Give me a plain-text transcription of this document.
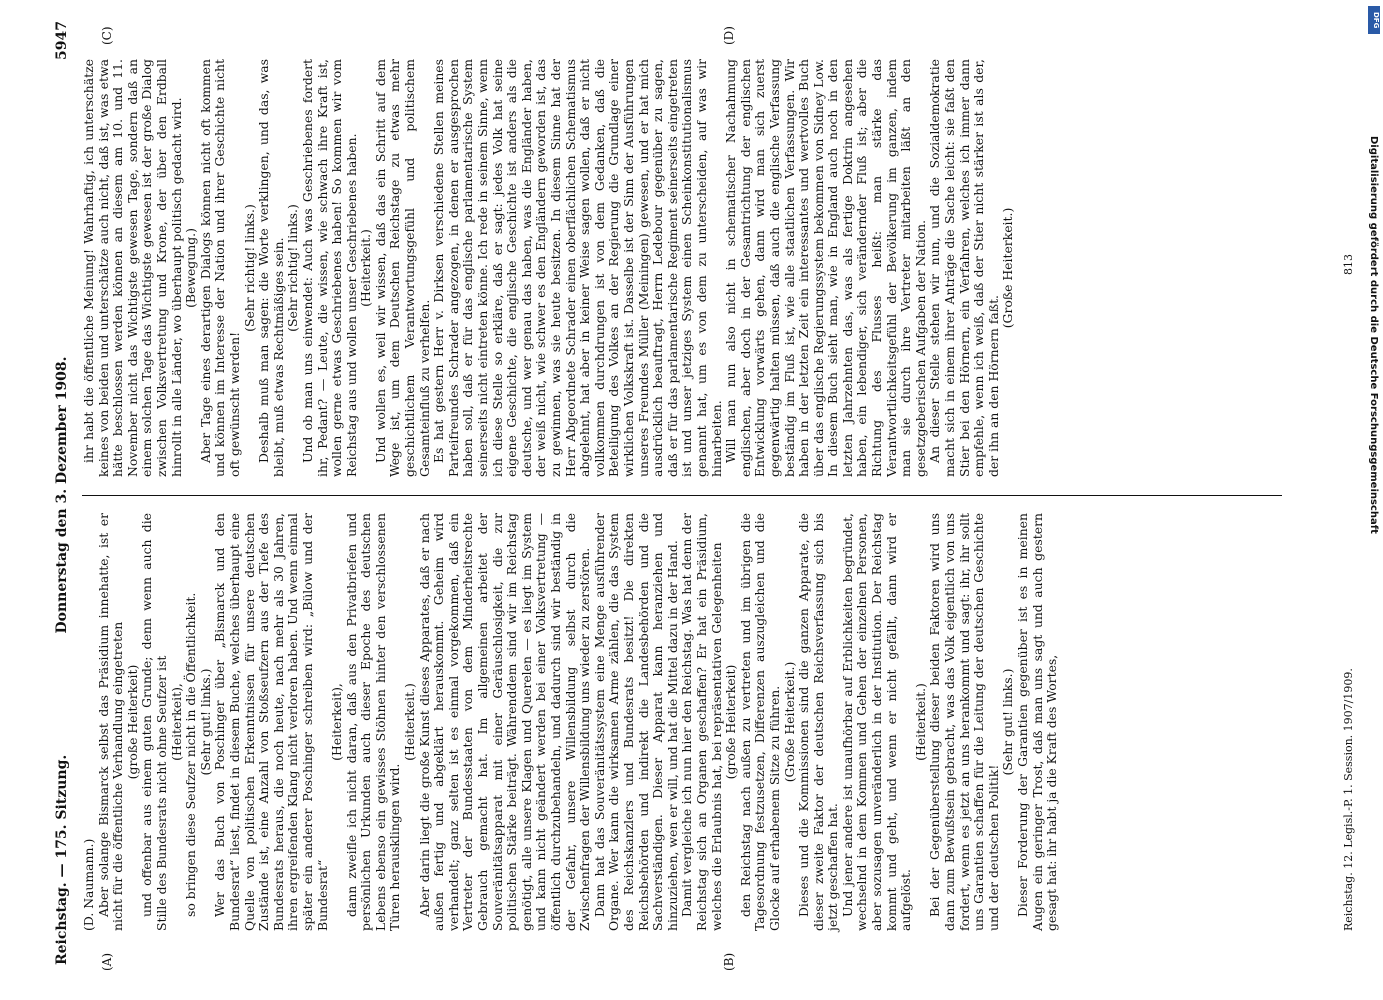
Reichstag. — 175. Sitzung.
Donnerstag den 3. Dezember 1908.
5947
(A)	(B)
(C)	(D)

(D. Naumann.) Aber solange Bismarck selbst das Präsidium innehatte, ist er nicht für die öffentliche Verhandlung eingetreten (große Heiterkeit) und offenbar aus einem guten Grunde; denn wenn auch die Stille des Bundesrats nicht ohne Seufzer ist (Heiterkeit), so bringen diese Seufzer nicht in die Öffentlichkeit. (Sehr gut! links.) Wer das Buch von Poschinger über „Bismarck und den Bundesrat“ liest, findet in diesem Buche, welches überhaupt eine Quelle von politischen Erkenntnissen für unsere deutschen Zustände ist, eine Anzahl von Stoßseufzern aus der Tiefe des Bundesrats heraus, die noch heute, nach mehr als 30 Jahren, ihren ergreifenden Klang nicht verloren haben. Und wenn einmal später ein anderer Poschinger schreiben wird: „Bülow und der Bundesrat“

(Heiterkeit), dann zweifle ich nicht daran, daß aus den Privatbriefen und persönlichen Urkunden auch dieser Epoche des deutschen Lebens ebenso ein gewisses Stöhnen hinter den verschlossenen Türen herausklingen wird.

(Heiterkeit.) Aber darin liegt die große Kunst dieses Apparates, daß er nach außen fertig und abgeklärt herauskommt. Geheim wird verhandelt; ganz selten ist es einmal vorgekommen, daß ein Vertreter der Bundesstaaten von dem Minderheitsrechte Gebrauch gemacht hat. Im allgemeinen arbeitet der Souveränitätsapparat mit einer Geräuschlosigkeit, die zur politischen Stärke beiträgt. Währenddem sind wir im Reichstag genötigt, alle unsere Klagen und Querelen — es liegt im System und kann nicht geändert werden bei einer Volksvertretung — öffentlich durchzubehandeln, und dadurch sind wir beständig in der Gefahr, unsere Willensbildung selbst durch die Zwischenfragen der Willensbildung uns wieder zu zerstören. Dann hat das Souveränitätssystem eine Menge ausführender Organe. Wer kann die wirksamen Arme zählen, die das System des Reichskanzlers und Bundesrats besitzt! Die direkten Reichsbehörden und indirekt die Landesbehörden und die Sachverständigen. Dieser Apparat kann heranziehen und hinzuziehen, wen er will, und hat die Mittel dazu in der Hand. Damit vergleiche ich nun hier den Reichstag. Was hat denn der Reichstag sich an Organen geschaffen? Er hat ein Präsidium, welches die Erlaubnis hat, bei repräsentativen Gelegenheiten (große Heiterkeit) den Reichstag nach außen zu vertreten und im übrigen die Tagesordnung festzusetzen, Differenzen auszugleichen und die Glocke auf erhabenem Sitze zu führen. (Große Heiterkeit.) Dieses und die Kommissionen sind die ganzen Apparate, die dieser zweite Faktor der deutschen Reichsverfassung sich bis jetzt geschaffen hat. Und jener andere ist unaufhörbar auf Erblichkeiten begründet, wechselnd in dem Kommen und Gehen der einzelnen Personen, aber sozusagen unveränderlich in der Institution. Der Reichstag kommt und geht, und wenn er nicht gefällt, dann wird er aufgelöst.

(Heiterkeit.) Bei der Gegenüberstellung dieser beiden Faktoren wird uns dann zum Bewußtsein gebracht, was das Volk eigentlich von uns fordert, wenn es jetzt an uns herankommt und sagt: ihr, ihr sollt uns Garantien schaffen für die Leitung der deutschen Geschichte und der deutschen Politik!

(Sehr gut! links.) Dieser Forderung der Garantien gegenüber ist es in meinen Augen ein geringer Trost, daß man uns sagt und auch gestern gesagt hat: ihr habt ja die Kraft des Wortes,

ihr habt die öffentliche Meinung! Wahrhaftig, ich unterschätze keines von beiden und unterschätze auch nicht, daß ist, was etwa hätte beschlossen werden können an diesem am 10. und 11. November nicht das Wichtigste gewesen Tage, sondern daß an einem solchen Tage das Wichtigste gewesen ist der große Dialog zwischen Volksvertretung und Krone, der über den Erdball hinrollt in alle Länder, wo überhaupt politisch gedacht wird. (Bewegung.) Aber Tage eines derartigen Dialogs können nicht oft kommen und können im Interesse der Nation und ihrer Geschichte nicht oft gewünscht werden!

(Sehr richtig! links.) Deshalb muß man sagen: die Worte verklingen, und das, was bleibt, muß etwas Rechtmäßiges sein. (Sehr richtig! links.) Und ob man uns einwendet: Auch was Geschriebenes fordert ihr, Pedant? — Leute, die wissen, wie schwach ihre Kraft ist, wollen gerne etwas Geschriebenes haben! So kommen wir vom Reichstag aus und wollen unser Geschriebenes haben. (Heiterkeit.) Und wollen es, weil wir wissen, daß das ein Schritt auf dem Wege ist, um dem Deutschen Reichstage zu etwas mehr geschichtlichem Verantwortungsgefühl und politischem Gesamteinfluß zu verhelfen. Es hat gestern Herr v. Dirksen verschiedene Stellen meines Parteifreundes Schrader angezogen, in denen er ausgesprochen haben soll, daß er für das englische parlamentarische System seinerseits nicht eintreten könne. Ich rede in seinem Sinne, wenn ich diese Stelle so erkläre, daß er sagt: jedes Volk hat seine eigene Geschichte, die englische Geschichte ist anders als die deutsche, und wer genau das haben, was die Engländer haben, der weiß nicht, wie schwer es den Engländern geworden ist, das zu gewinnen, was sie heute besitzen. In diesem Sinne hat der Herr Abgeordnete Schrader einen oberflächlichen Schematismus abgelehnt, hat aber in keiner Weise sagen wollen, daß er nicht vollkommen durchdrungen ist von dem Gedanken, daß die Beteiligung des Volkes an der Regierung die Grundlage einer wirklichen Volkskraft ist. Dasselbe ist der Sinn der Ausführungen unseres Freundes Müller (Meiningen) gewesen, und er hat mich ausdrücklich beauftragt, Herrn Ledebour gegenüber zu sagen, daß er für das parlamentarische Regiment seinerseits eingetreten ist und unser jetziges System einen Scheinkonstitutionalismus genannt hat, um es von dem zu unterscheiden, auf was wir hinarbeiten. Will man nun also nicht in schematischer Nachahmung englischen, aber doch in der Gesamtrichtung der englischen Entwicklung vorwärts gehen, dann wird man sich zuerst gegenwärtig halten müssen, daß auch die englische Verfassung beständig im Fluß ist, wie alle staatlichen Verfassungen. Wir haben in der letzten Zeit ein interessantes und wertvolles Buch über das englische Regierungssystem bekommen von Sidney Low. In diesem Buch sieht man, wie in England auch noch in den letzten Jahrzehnten das, was als fertige Doktrin angesehen haben, ein lebendiger, sich verändernder Fluß ist; aber die Richtung des Flusses heißt: man stärke das Verantwortlichkeitsgefühl der Bevölkerung im ganzen, indem man sie durch ihre Vertreter mitarbeiten läßt an den gesetzgeberischen Aufgaben der Nation. An dieser Stelle stehen wir nun, und die Sozialdemokratie macht sich in einem ihrer Anträge die Sache leicht: sie faßt den Stier bei den Hörnern, ein Verfahren, welches ich immer dann empfehle, wenn ich weiß, daß der Stier nicht stärker ist als der, der ihn an den Hörnern faßt.

(Große Heiterkeit.)

Reichstag. 12. Legisl.-P. 1. Session. 1907/1909.
813 Digitalisierung gefördert durch die Deutsche Forschungsgemeinschaft
DFG
